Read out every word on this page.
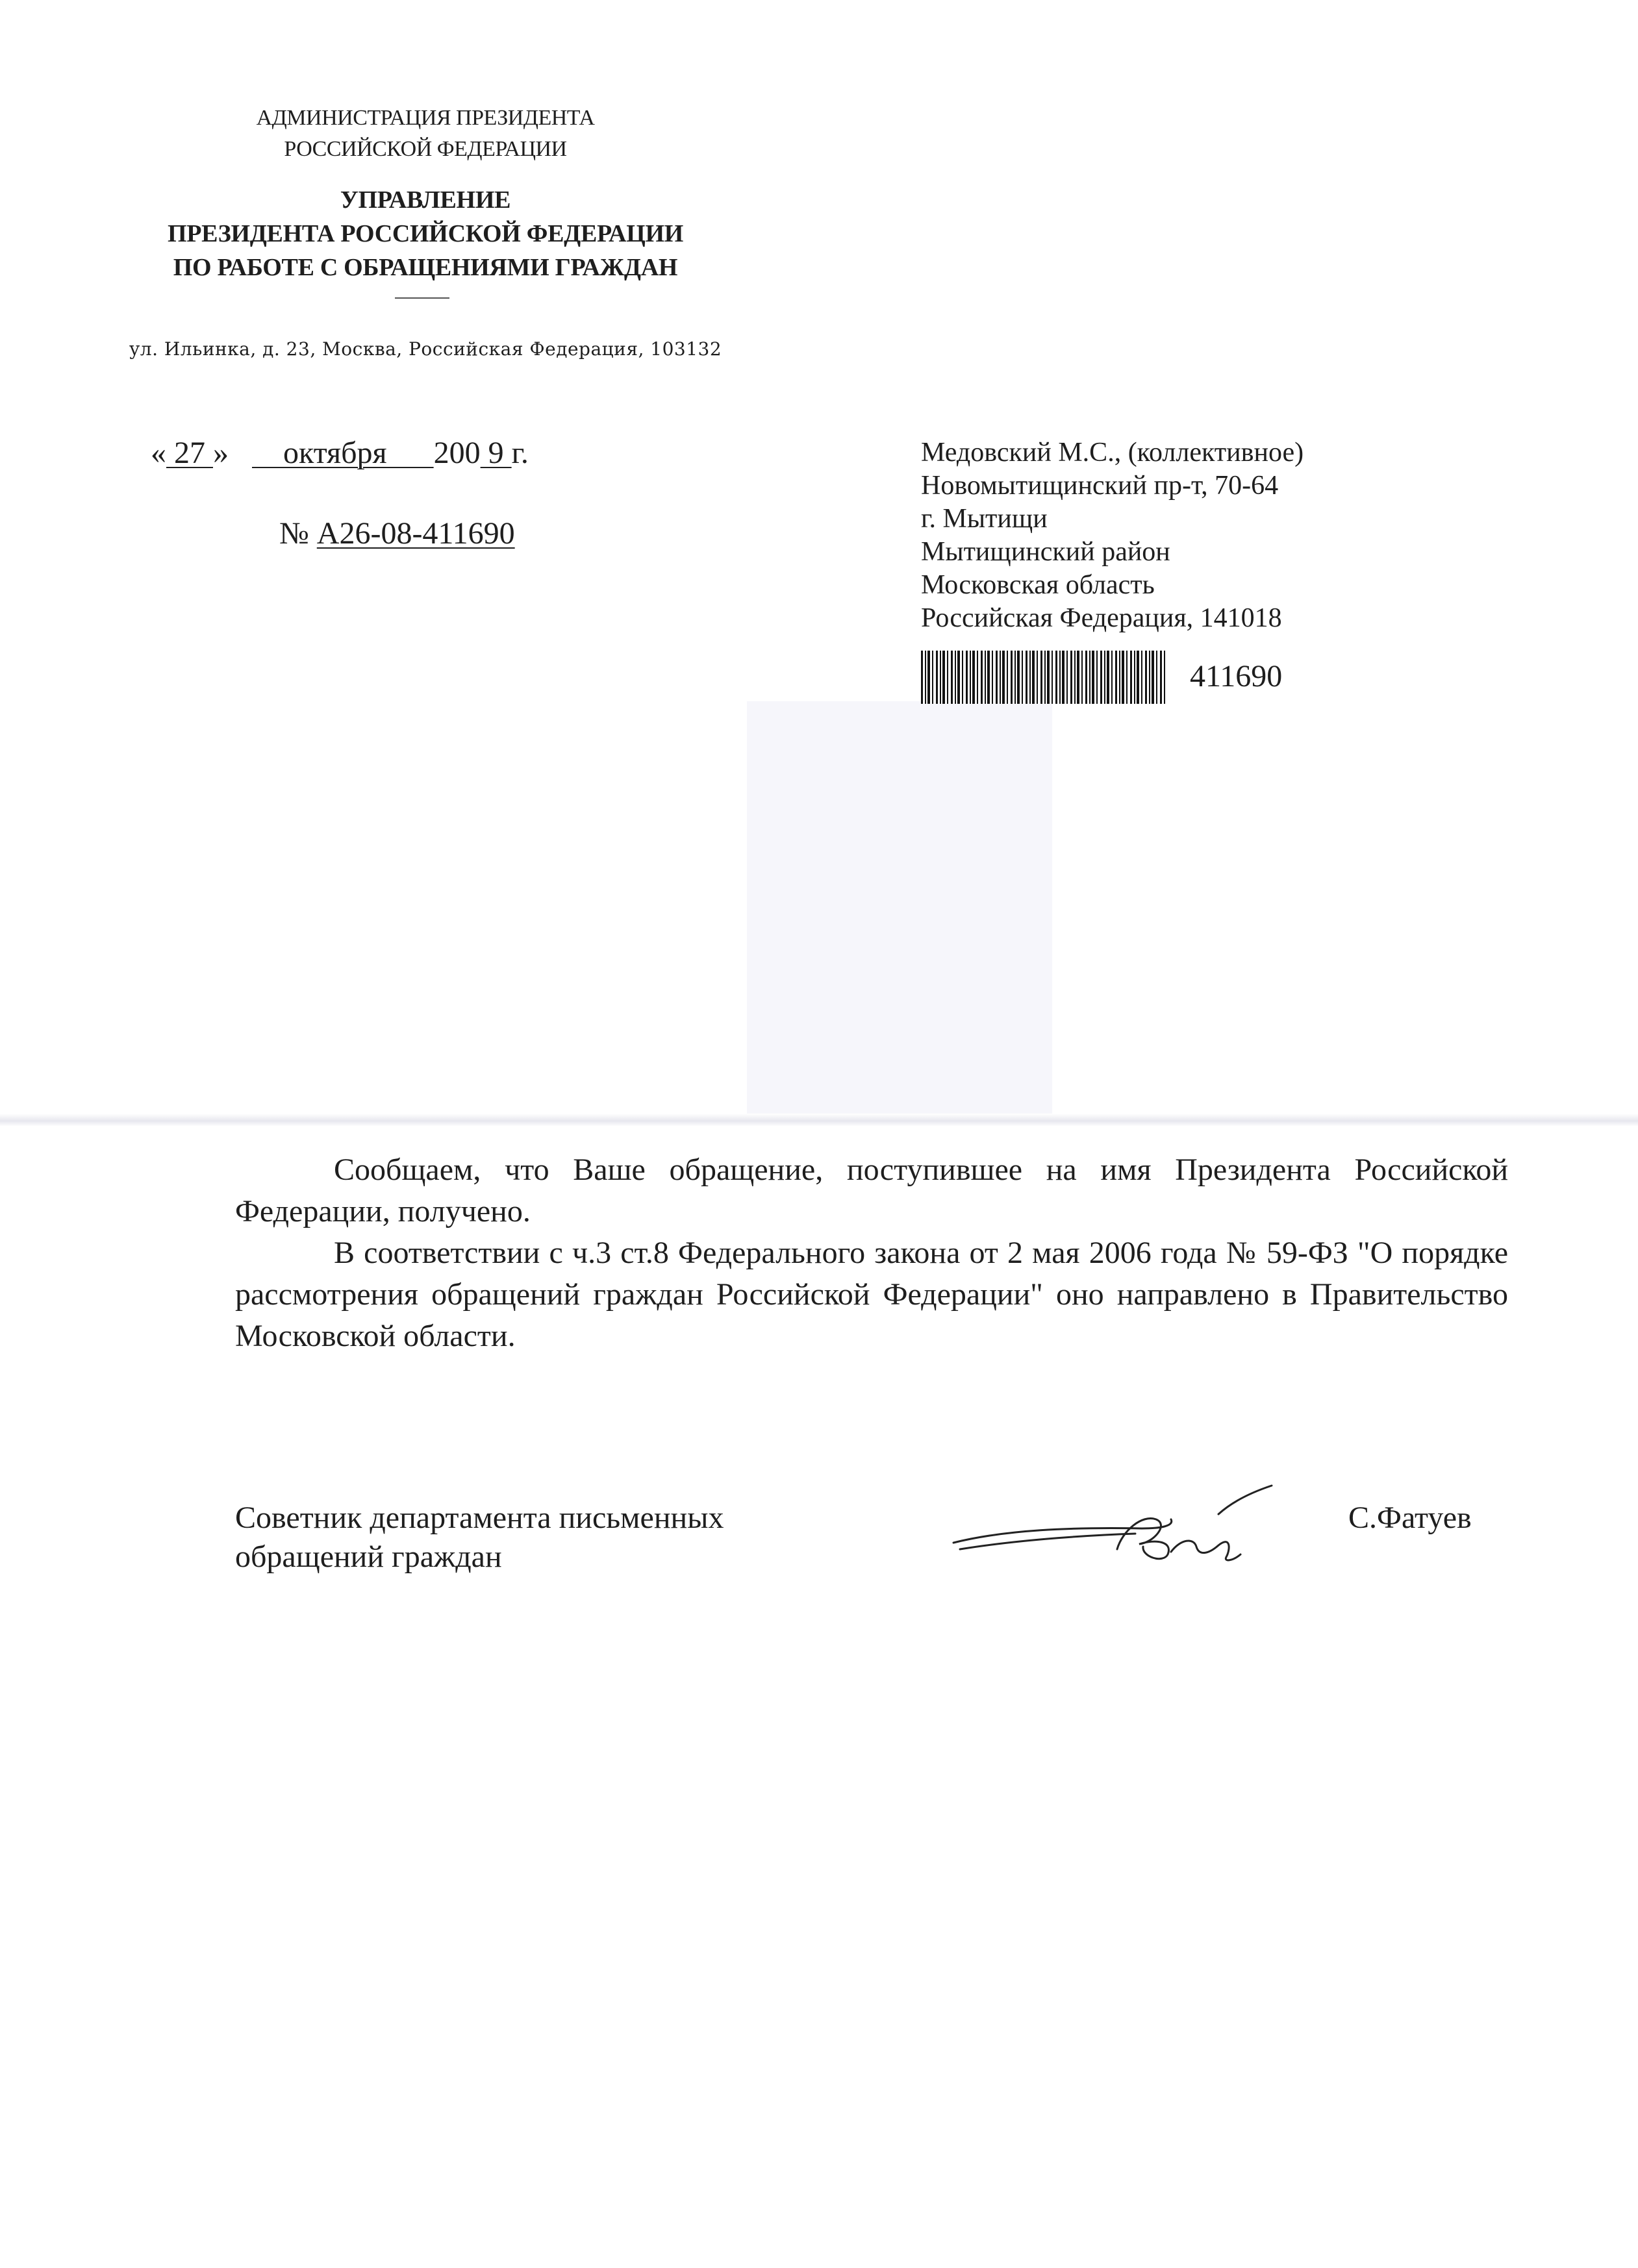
АДМИНИСТРАЦИЯ ПРЕЗИДЕНТА
РОССИЙСКОЙ ФЕДЕРАЦИИ
УПРАВЛЕНИЕ
ПРЕЗИДЕНТА РОССИЙСКОЙ ФЕДЕРАЦИИ
ПО РАБОТЕ С ОБРАЩЕНИЯМИ ГРАЖДАН
ул. Ильинка, д. 23, Москва, Российская Федерация, 103132
« 27 »       октября      200 9 г.
№ А26-08-411690
Медовский М.С., (коллективное)
Новомытищинский пр-т, 70-64
г. Мытищи
Мытищинский район
Московская область
Российская Федерация, 141018
411690

Сообщаем, что Ваше обращение, поступившее на имя Президента Российской Федерации, получено.

В соответствии с ч.3 ст.8 Федерального закона от 2 мая 2006 года № 59-ФЗ "О порядке рассмотрения обращений граждан Российской Федерации" оно направлено в Правительство Московской области.

Советник департамента письменных
обращений граждан
С.Фатуев
